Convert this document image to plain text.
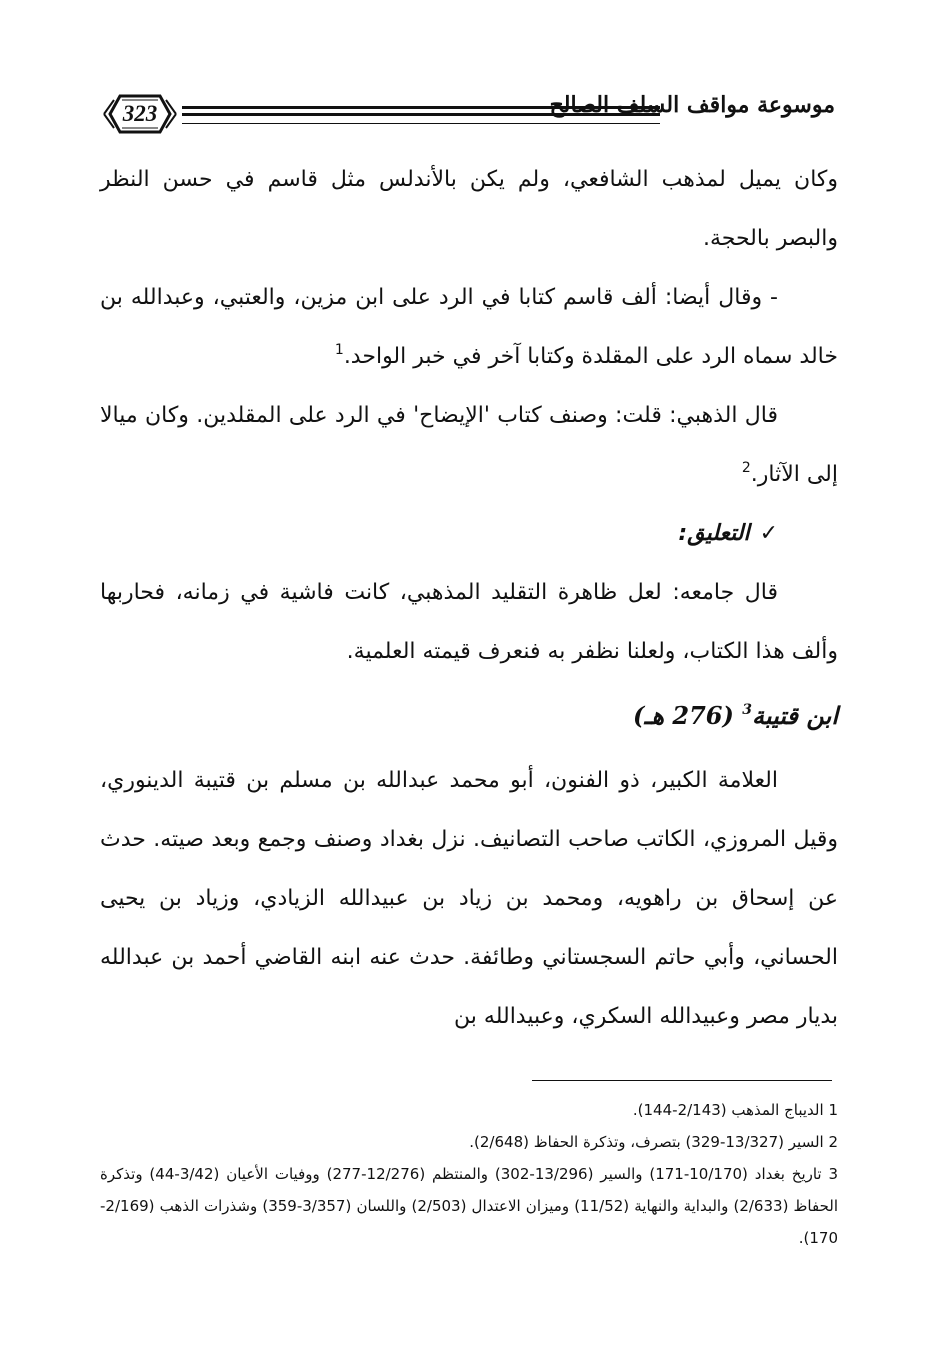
323	موسوعة مواقف السلف الصالح

وكان يميل لمذهب الشافعي، ولم يكن بالأندلس مثل قاسم في حسن النظر والبصر بالحجة.

- وقال أيضا: ألف قاسم كتابا في الرد على ابن مزين، والعتبي، وعبدالله بن خالد سماه الرد على المقلدة وكتابا آخر في خبر الواحد.$^1$

قال الذهبي: قلت: وصنف كتاب 'الإيضاح' في الرد على المقلدين. وكان ميالا إلى الآثار.$^2$

✓التعليق:

قال جامعه: لعل ظاهرة التقليد المذهبي، كانت فاشية في زمانه، فحاربها وألف هذا الكتاب، ولعلنا نظفر به فنعرف قيمته العلمية.

ابن قتيبة$^3$ (276 هـ)

العلامة الكبير، ذو الفنون، أبو محمد عبدالله بن مسلم بن قتيبة الدينوري، وقيل المروزي، الكاتب صاحب التصانيف. نزل بغداد وصنف وجمع وبعد صيته. حدث عن إسحاق بن راهويه، ومحمد بن زياد بن عبيدالله الزيادي، وزياد بن يحيى الحساني، وأبي حاتم السجستاني وطائفة. حدث عنه ابنه القاضي أحمد بن عبدالله بديار مصر وعبيدالله السكري، وعبيدالله بن

1 الديباج المذهب (2/143-144).

2 السير (13/327-329) بتصرف، وتذكرة الحفاظ (2/648).

3 تاريخ بغداد (10/170-171) والسير (13/296-302) والمنتظم (12/276-277) ووفيات الأعيان (3/42-44) وتذكرة الحفاظ (2/633) والبداية والنهاية (11/52) وميزان الاعتدال (2/503) واللسان (3/357-359) وشذرات الذهب (2/169-170).
